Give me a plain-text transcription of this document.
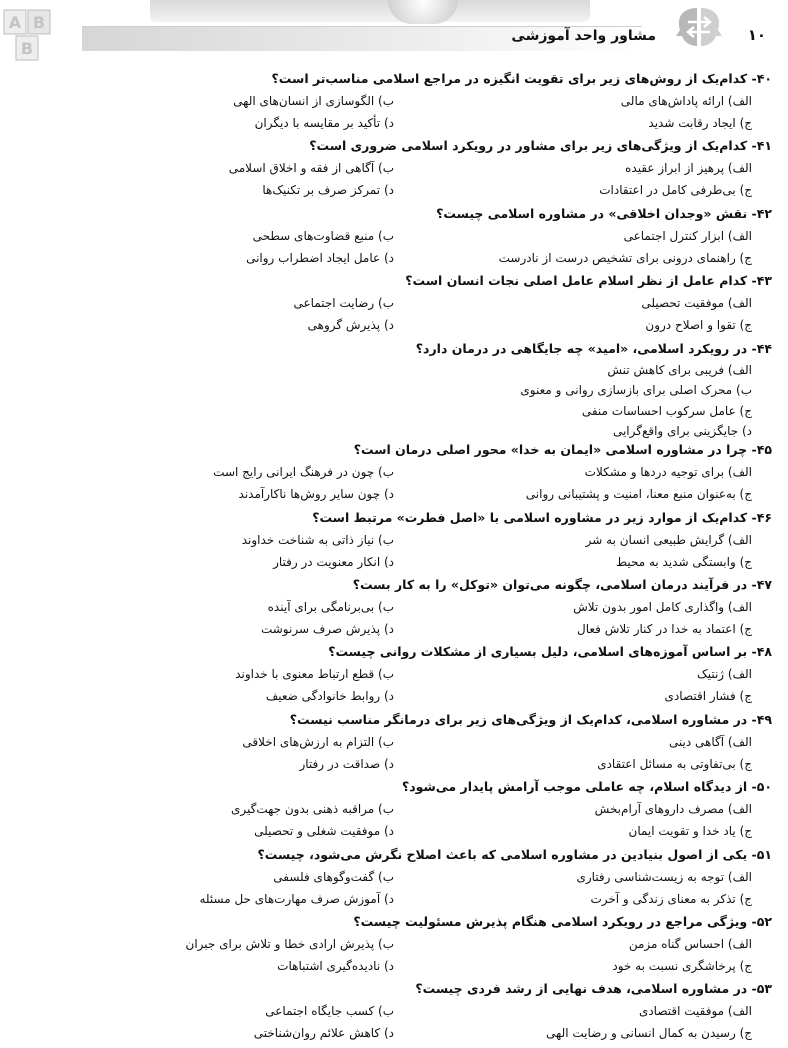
A B
B
مشاور واحد آموزشی	۱۰
۴۰- کدام‌یک از روش‌های زیر برای تقویت انگیزه در مراجع اسلامی مناسب‌تر است؟
الف) ارائه پاداش‌های مالی
ب) الگوسازی از انسان‌های الهی
ج) ایجاد رقابت شدید
د) تأکید بر مقایسه با دیگران
۴۱- کدام‌یک از ویژگی‌های زیر برای مشاور در رویکرد اسلامی ضروری است؟
الف) پرهیز از ابراز عقیده
ب) آگاهی از فقه و اخلاق اسلامی
ج) بی‌طرفی کامل در اعتقادات
د) تمرکز صرف بر تکنیک‌ها
۴۲- نقش «وجدان اخلاقی» در مشاوره اسلامی چیست؟
الف) ابزار کنترل اجتماعی
ب) منبع قضاوت‌های سطحی
ج) راهنمای درونی برای تشخیص درست از نادرست
د) عامل ایجاد اضطراب روانی
۴۳- کدام عامل از نظر اسلام عامل اصلی نجات انسان است؟
الف) موفقیت تحصیلی
ب) رضایت اجتماعی
ج) تقوا و اصلاح درون
د) پذیرش گروهی
۴۴- در رویکرد اسلامی، «امید» چه جایگاهی در درمان دارد؟
الف) فریبی برای کاهش تنش
ب) محرک اصلی برای بازسازی روانی و معنوی
ج) عامل سرکوب احساسات منفی
د) جایگزینی برای واقع‌گرایی
۴۵- چرا در مشاوره اسلامی «ایمان به خدا» محور اصلی درمان است؟
الف) برای توجیه دردها و مشکلات
ب) چون در فرهنگ ایرانی رایج است
ج) به‌عنوان منبع معنا، امنیت و پشتیبانی روانی
د) چون سایر روش‌ها ناکارآمدند
۴۶- کدام‌یک از موارد زیر در مشاوره اسلامی با «اصل فطرت» مرتبط است؟
الف) گرایش طبیعی انسان به شر
ب) نیاز ذاتی به شناخت خداوند
ج) وابستگی شدید به محیط
د) انکار معنویت در رفتار
۴۷- در فرآیند درمان اسلامی، چگونه می‌توان «توکل» را به کار بست؟
الف) واگذاری کامل امور بدون تلاش
ب) بی‌برنامگی برای آینده
ج) اعتماد به خدا در کنار تلاش فعال
د) پذیرش صرف سرنوشت
۴۸- بر اساس آموزه‌های اسلامی، دلیل بسیاری از مشکلات روانی چیست؟
الف) ژنتیک
ب) قطع ارتباط معنوی با خداوند
ج) فشار اقتصادی
د) روابط خانوادگی ضعیف
۴۹- در مشاوره اسلامی، کدام‌یک از ویژگی‌های زیر برای درمانگر مناسب نیست؟
الف) آگاهی دینی
ب) التزام به ارزش‌های اخلاقی
ج) بی‌تفاوتی به مسائل اعتقادی
د) صداقت در رفتار
۵۰- از دیدگاه اسلام، چه عاملی موجب آرامش پایدار می‌شود؟
الف) مصرف داروهای آرام‌بخش
ب) مراقبه ذهنی بدون جهت‌گیری
ج) یاد خدا و تقویت ایمان
د) موفقیت شغلی و تحصیلی
۵۱- یکی از اصول بنیادین در مشاوره اسلامی که باعث اصلاح نگرش می‌شود، چیست؟
الف) توجه به زیست‌شناسی رفتاری
ب) گفت‌وگوهای فلسفی
ج) تذکر به معنای زندگی و آخرت
د) آموزش صرف مهارت‌های حل مسئله
۵۲- ویژگی مراجع در رویکرد اسلامی هنگام پذیرش مسئولیت چیست؟
الف) احساس گناه مزمن
ب) پذیرش ارادی خطا و تلاش برای جبران
ج) پرخاشگری نسبت به خود
د) نادیده‌گیری اشتباهات
۵۳- در مشاوره اسلامی، هدف نهایی از رشد فردی چیست؟
الف) موفقیت اقتصادی
ب) کسب جایگاه اجتماعی
ج) رسیدن به کمال انسانی و رضایت الهی
د) کاهش علائم روان‌شناختی
